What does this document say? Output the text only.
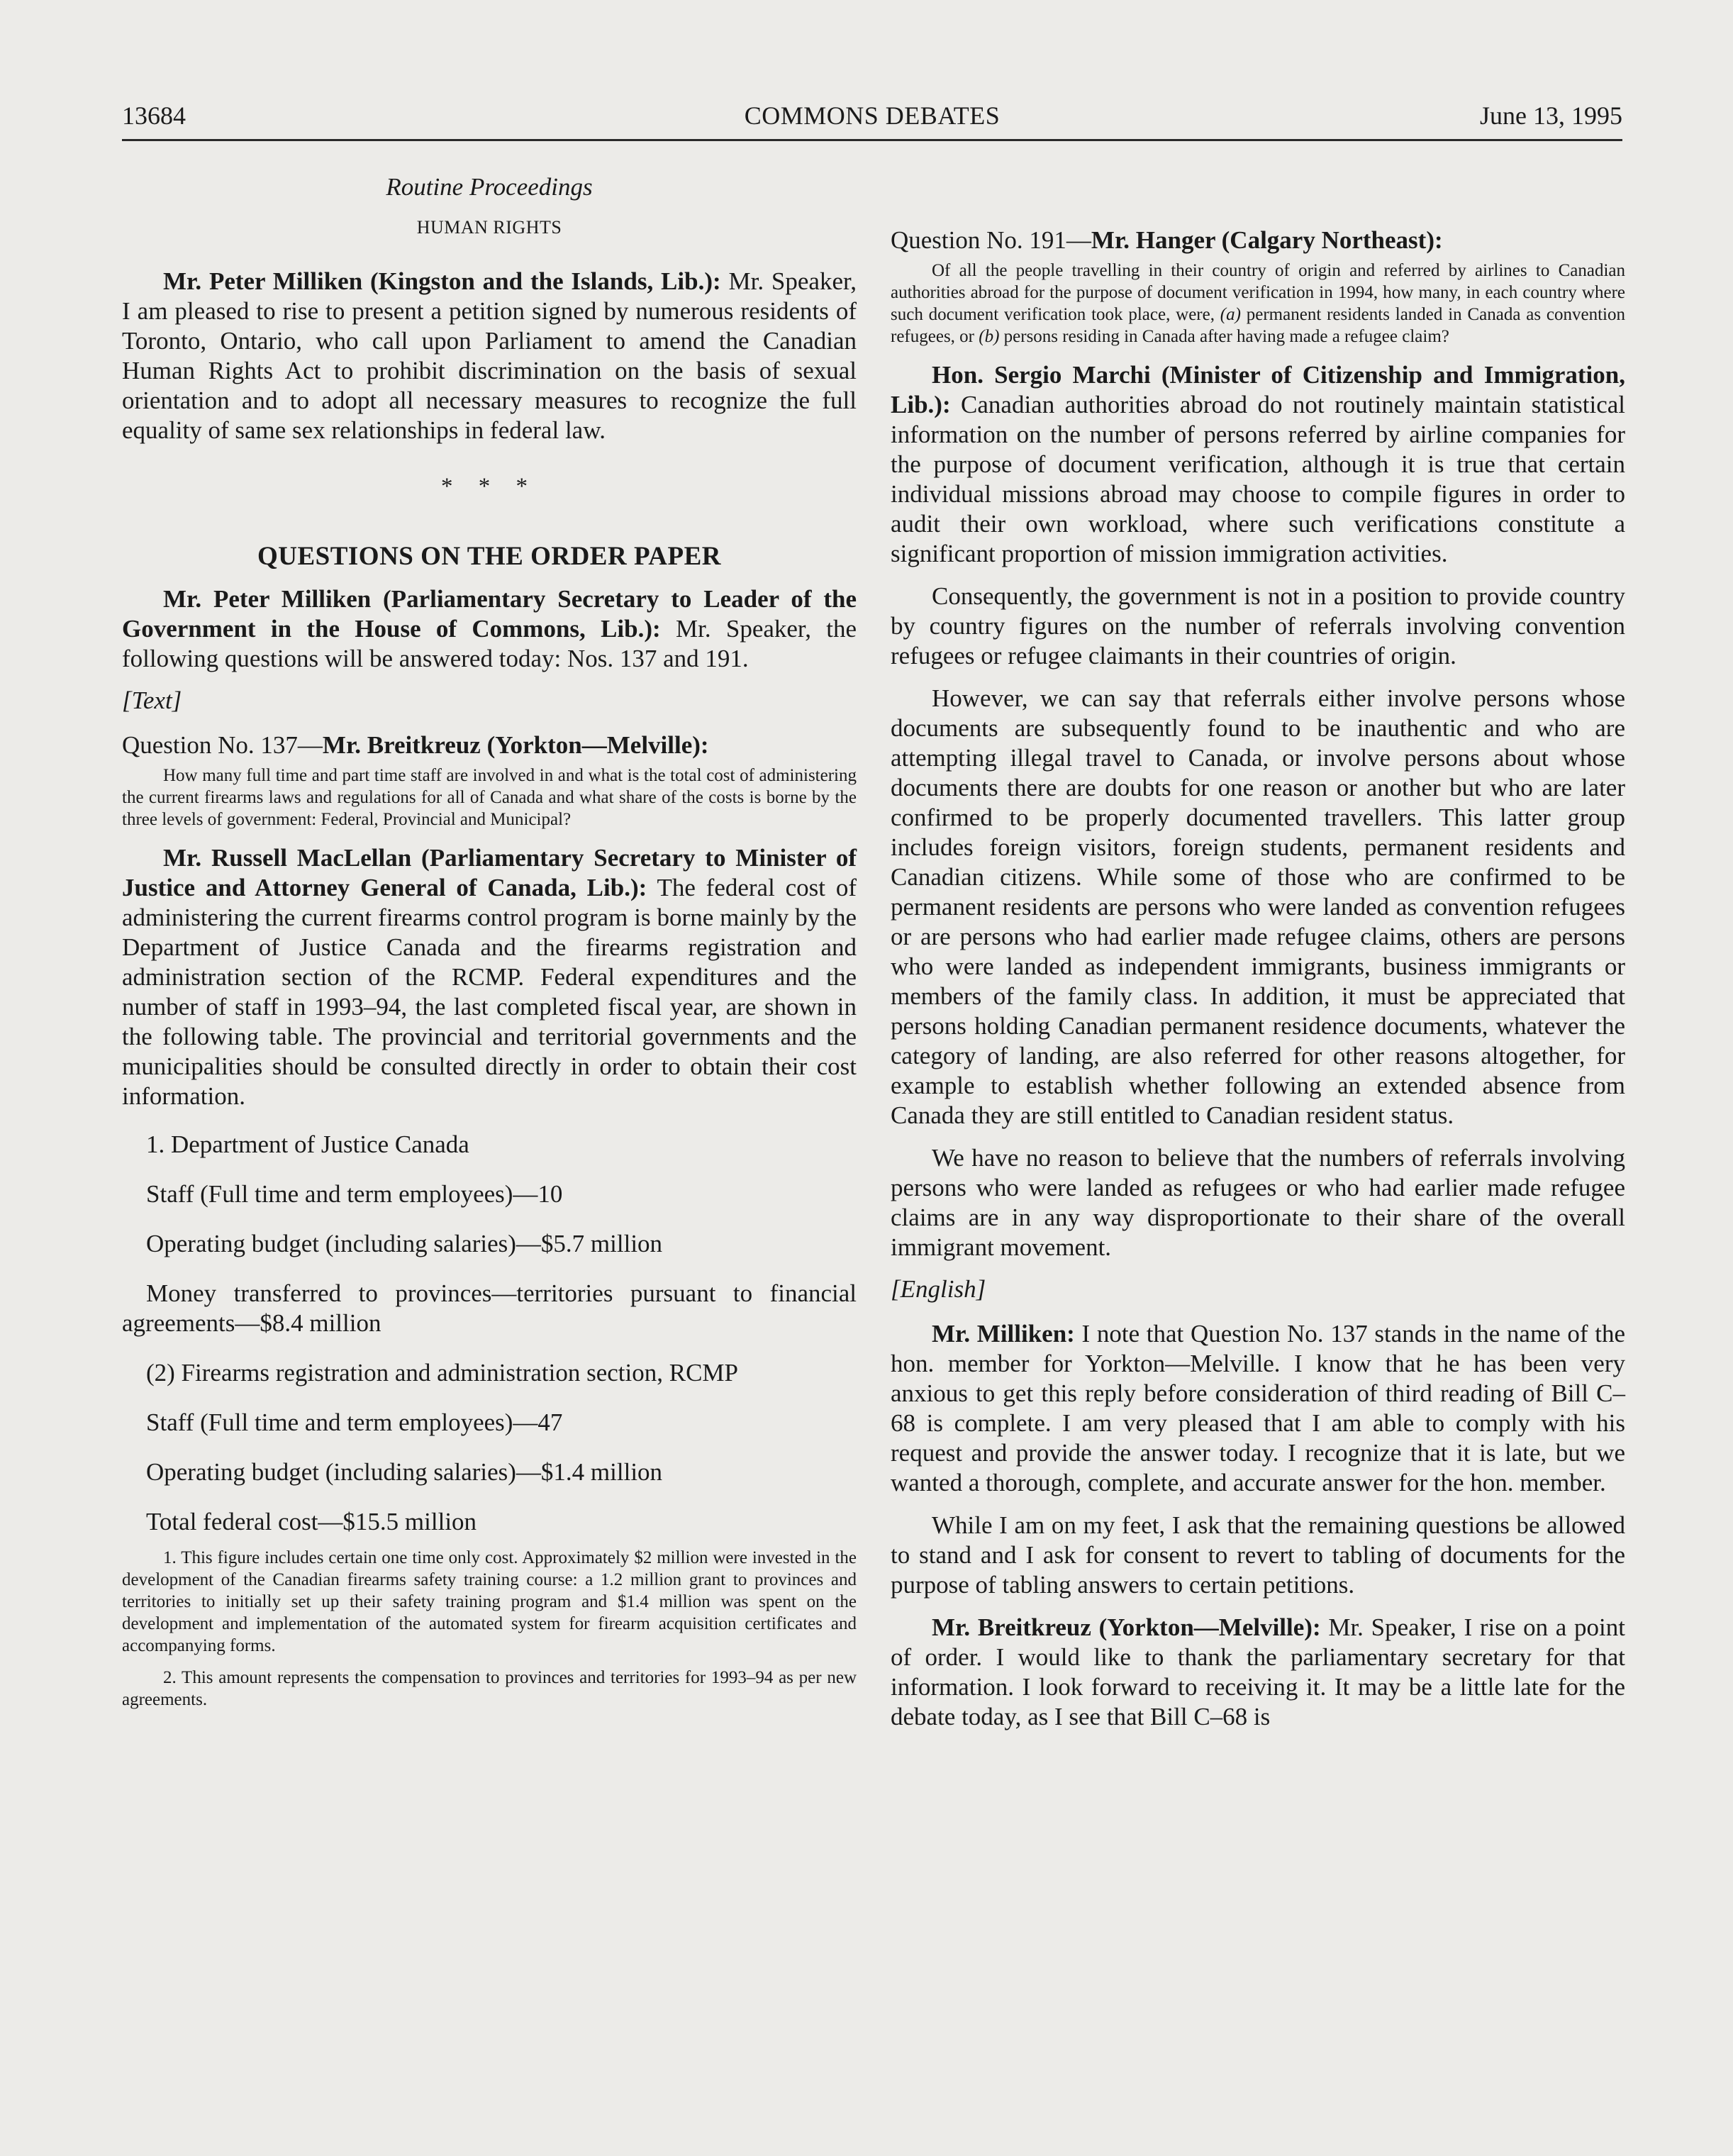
13684	COMMONS DEBATES	June 13, 1995

Routine Proceedings

HUMAN RIGHTS

Mr. Peter Milliken (Kingston and the Islands, Lib.): Mr. Speaker, I am pleased to rise to present a petition signed by numerous residents of Toronto, Ontario, who call upon Parliament to amend the Canadian Human Rights Act to prohibit discrimination on the basis of sexual orientation and to adopt all necessary measures to recognize the full equality of same sex relationships in federal law.

* * *

QUESTIONS ON THE ORDER PAPER

Mr. Peter Milliken (Parliamentary Secretary to Leader of the Government in the House of Commons, Lib.): Mr. Speaker, the following questions will be answered today: Nos. 137 and 191.

[Text]

Question No. 137—Mr. Breitkreuz (Yorkton—Melville):

How many full time and part time staff are involved in and what is the total cost of administering the current firearms laws and regulations for all of Canada and what share of the costs is borne by the three levels of government: Federal, Provincial and Municipal?

Mr. Russell MacLellan (Parliamentary Secretary to Minister of Justice and Attorney General of Canada, Lib.): The federal cost of administering the current firearms control program is borne mainly by the Department of Justice Canada and the firearms registration and administration section of the RCMP. Federal expenditures and the number of staff in 1993–94, the last completed fiscal year, are shown in the following table. The provincial and territorial governments and the municipalities should be consulted directly in order to obtain their cost information.

1. Department of Justice Canada

Staff (Full time and term employees)—10

Operating budget (including salaries)—$5.7 million

Money transferred to provinces—territories pursuant to financial agreements—$8.4 million

(2) Firearms registration and administration section, RCMP

Staff (Full time and term employees)—47

Operating budget (including salaries)—$1.4 million

Total federal cost—$15.5 million

1. This figure includes certain one time only cost. Approximately $2 million were invested in the development of the Canadian firearms safety training course: a 1.2 million grant to provinces and territories to initially set up their safety training program and $1.4 million was spent on the development and implementation of the automated system for firearm acquisition certificates and accompanying forms.

2. This amount represents the compensation to provinces and territories for 1993–94 as per new agreements.

Question No. 191—Mr. Hanger (Calgary Northeast):

Of all the people travelling in their country of origin and referred by airlines to Canadian authorities abroad for the purpose of document verification in 1994, how many, in each country where such document verification took place, were, (a) permanent residents landed in Canada as convention refugees, or (b) persons residing in Canada after having made a refugee claim?

Hon. Sergio Marchi (Minister of Citizenship and Immigration, Lib.): Canadian authorities abroad do not routinely maintain statistical information on the number of persons referred by airline companies for the purpose of document verification, although it is true that certain individual missions abroad may choose to compile figures in order to audit their own workload, where such verifications constitute a significant proportion of mission immigration activities.

Consequently, the government is not in a position to provide country by country figures on the number of referrals involving convention refugees or refugee claimants in their countries of origin.

However, we can say that referrals either involve persons whose documents are subsequently found to be inauthentic and who are attempting illegal travel to Canada, or involve persons about whose documents there are doubts for one reason or another but who are later confirmed to be properly documented travellers. This latter group includes foreign visitors, foreign students, permanent residents and Canadian citizens. While some of those who are confirmed to be permanent residents are persons who were landed as convention refugees or are persons who had earlier made refugee claims, others are persons who were landed as independent immigrants, business immigrants or members of the family class. In addition, it must be appreciated that persons holding Canadian permanent residence documents, whatever the category of landing, are also referred for other reasons altogether, for example to establish whether following an extended absence from Canada they are still entitled to Canadian resident status.

We have no reason to believe that the numbers of referrals involving persons who were landed as refugees or who had earlier made refugee claims are in any way disproportionate to their share of the overall immigrant movement.

[English]

Mr. Milliken: I note that Question No. 137 stands in the name of the hon. member for Yorkton—Melville. I know that he has been very anxious to get this reply before consideration of third reading of Bill C–68 is complete. I am very pleased that I am able to comply with his request and provide the answer today. I recognize that it is late, but we wanted a thorough, complete, and accurate answer for the hon. member.

While I am on my feet, I ask that the remaining questions be allowed to stand and I ask for consent to revert to tabling of documents for the purpose of tabling answers to certain petitions.

Mr. Breitkreuz (Yorkton—Melville): Mr. Speaker, I rise on a point of order. I would like to thank the parliamentary secretary for that information. I look forward to receiving it. It may be a little late for the debate today, as I see that Bill C–68 is
